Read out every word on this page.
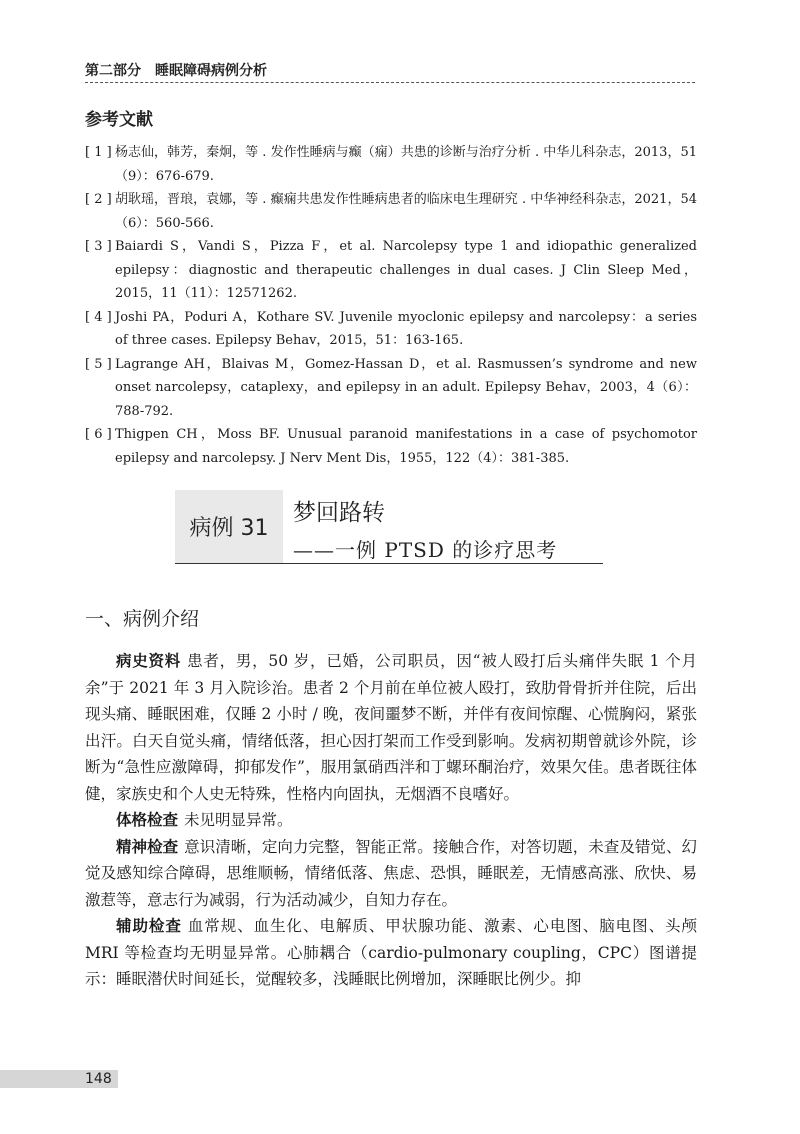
第二部分 睡眠障碍病例分析
参考文献
[ 1 ] 杨志仙，韩芳，秦炯，等 . 发作性睡病与癫（痫）共患的诊断与治疗分析 . 中华儿科杂志，2013，51（9）：676-679.
[ 2 ] 胡耿瑶，晋琅，袁娜，等 . 癫痫共患发作性睡病患者的临床电生理研究 . 中华神经科杂志，2021，54（6）：560-566.
[ 3 ] Baiardi S，Vandi S，Pizza F，et al. Narcolepsy type 1 and idiopathic generalized epilepsy：diagnostic and therapeutic challenges in dual cases. J Clin Sleep Med，2015，11（11）：12571262.
[ 4 ] Joshi PA，Poduri A，Kothare SV. Juvenile myoclonic epilepsy and narcolepsy：a series of three cases. Epilepsy Behav，2015，51：163-165.
[ 5 ] Lagrange AH，Blaivas M，Gomez-Hassan D，et al. Rasmussen’s syndrome and new onset narcolepsy，cataplexy，and epilepsy in an adult. Epilepsy Behav，2003，4（6）：788-792.
[ 6 ] Thigpen CH，Moss BF. Unusual paranoid manifestations in a case of psychomotor epilepsy and narcolepsy. J Nerv Ment Dis，1955，122（4）：381-385.
病例 31
梦回路转
——一例 PTSD 的诊疗思考
一、病例介绍

病史资料 患者，男，50 岁，已婚，公司职员，因“被人殴打后头痛伴失眠 1 个月余”于 2021 年 3 月入院诊治。患者 2 个月前在单位被人殴打，致肋骨骨折并住院，后出现头痛、睡眠困难，仅睡 2 小时 / 晚，夜间噩梦不断，并伴有夜间惊醒、心慌胸闷，紧张出汗。白天自觉头痛，情绪低落，担心因打架而工作受到影响。发病初期曾就诊外院，诊断为“急性应激障碍，抑郁发作”，服用氯硝西泮和丁螺环酮治疗，效果欠佳。患者既往体健，家族史和个人史无特殊，性格内向固执，无烟酒不良嗜好。

体格检查 未见明显异常。

精神检查 意识清晰，定向力完整，智能正常。接触合作，对答切题，未查及错觉、幻觉及感知综合障碍，思维顺畅，情绪低落、焦虑、恐惧，睡眠差，无情感高涨、欣快、易激惹等，意志行为减弱，行为活动减少，自知力存在。

辅助检查 血常规、血生化、电解质、甲状腺功能、激素、心电图、脑电图、头颅 MRI 等检查均无明显异常。心肺耦合（cardio-pulmonary coupling，CPC）图谱提示：睡眠潜伏时间延长，觉醒较多，浅睡眠比例增加，深睡眠比例少。抑

148
